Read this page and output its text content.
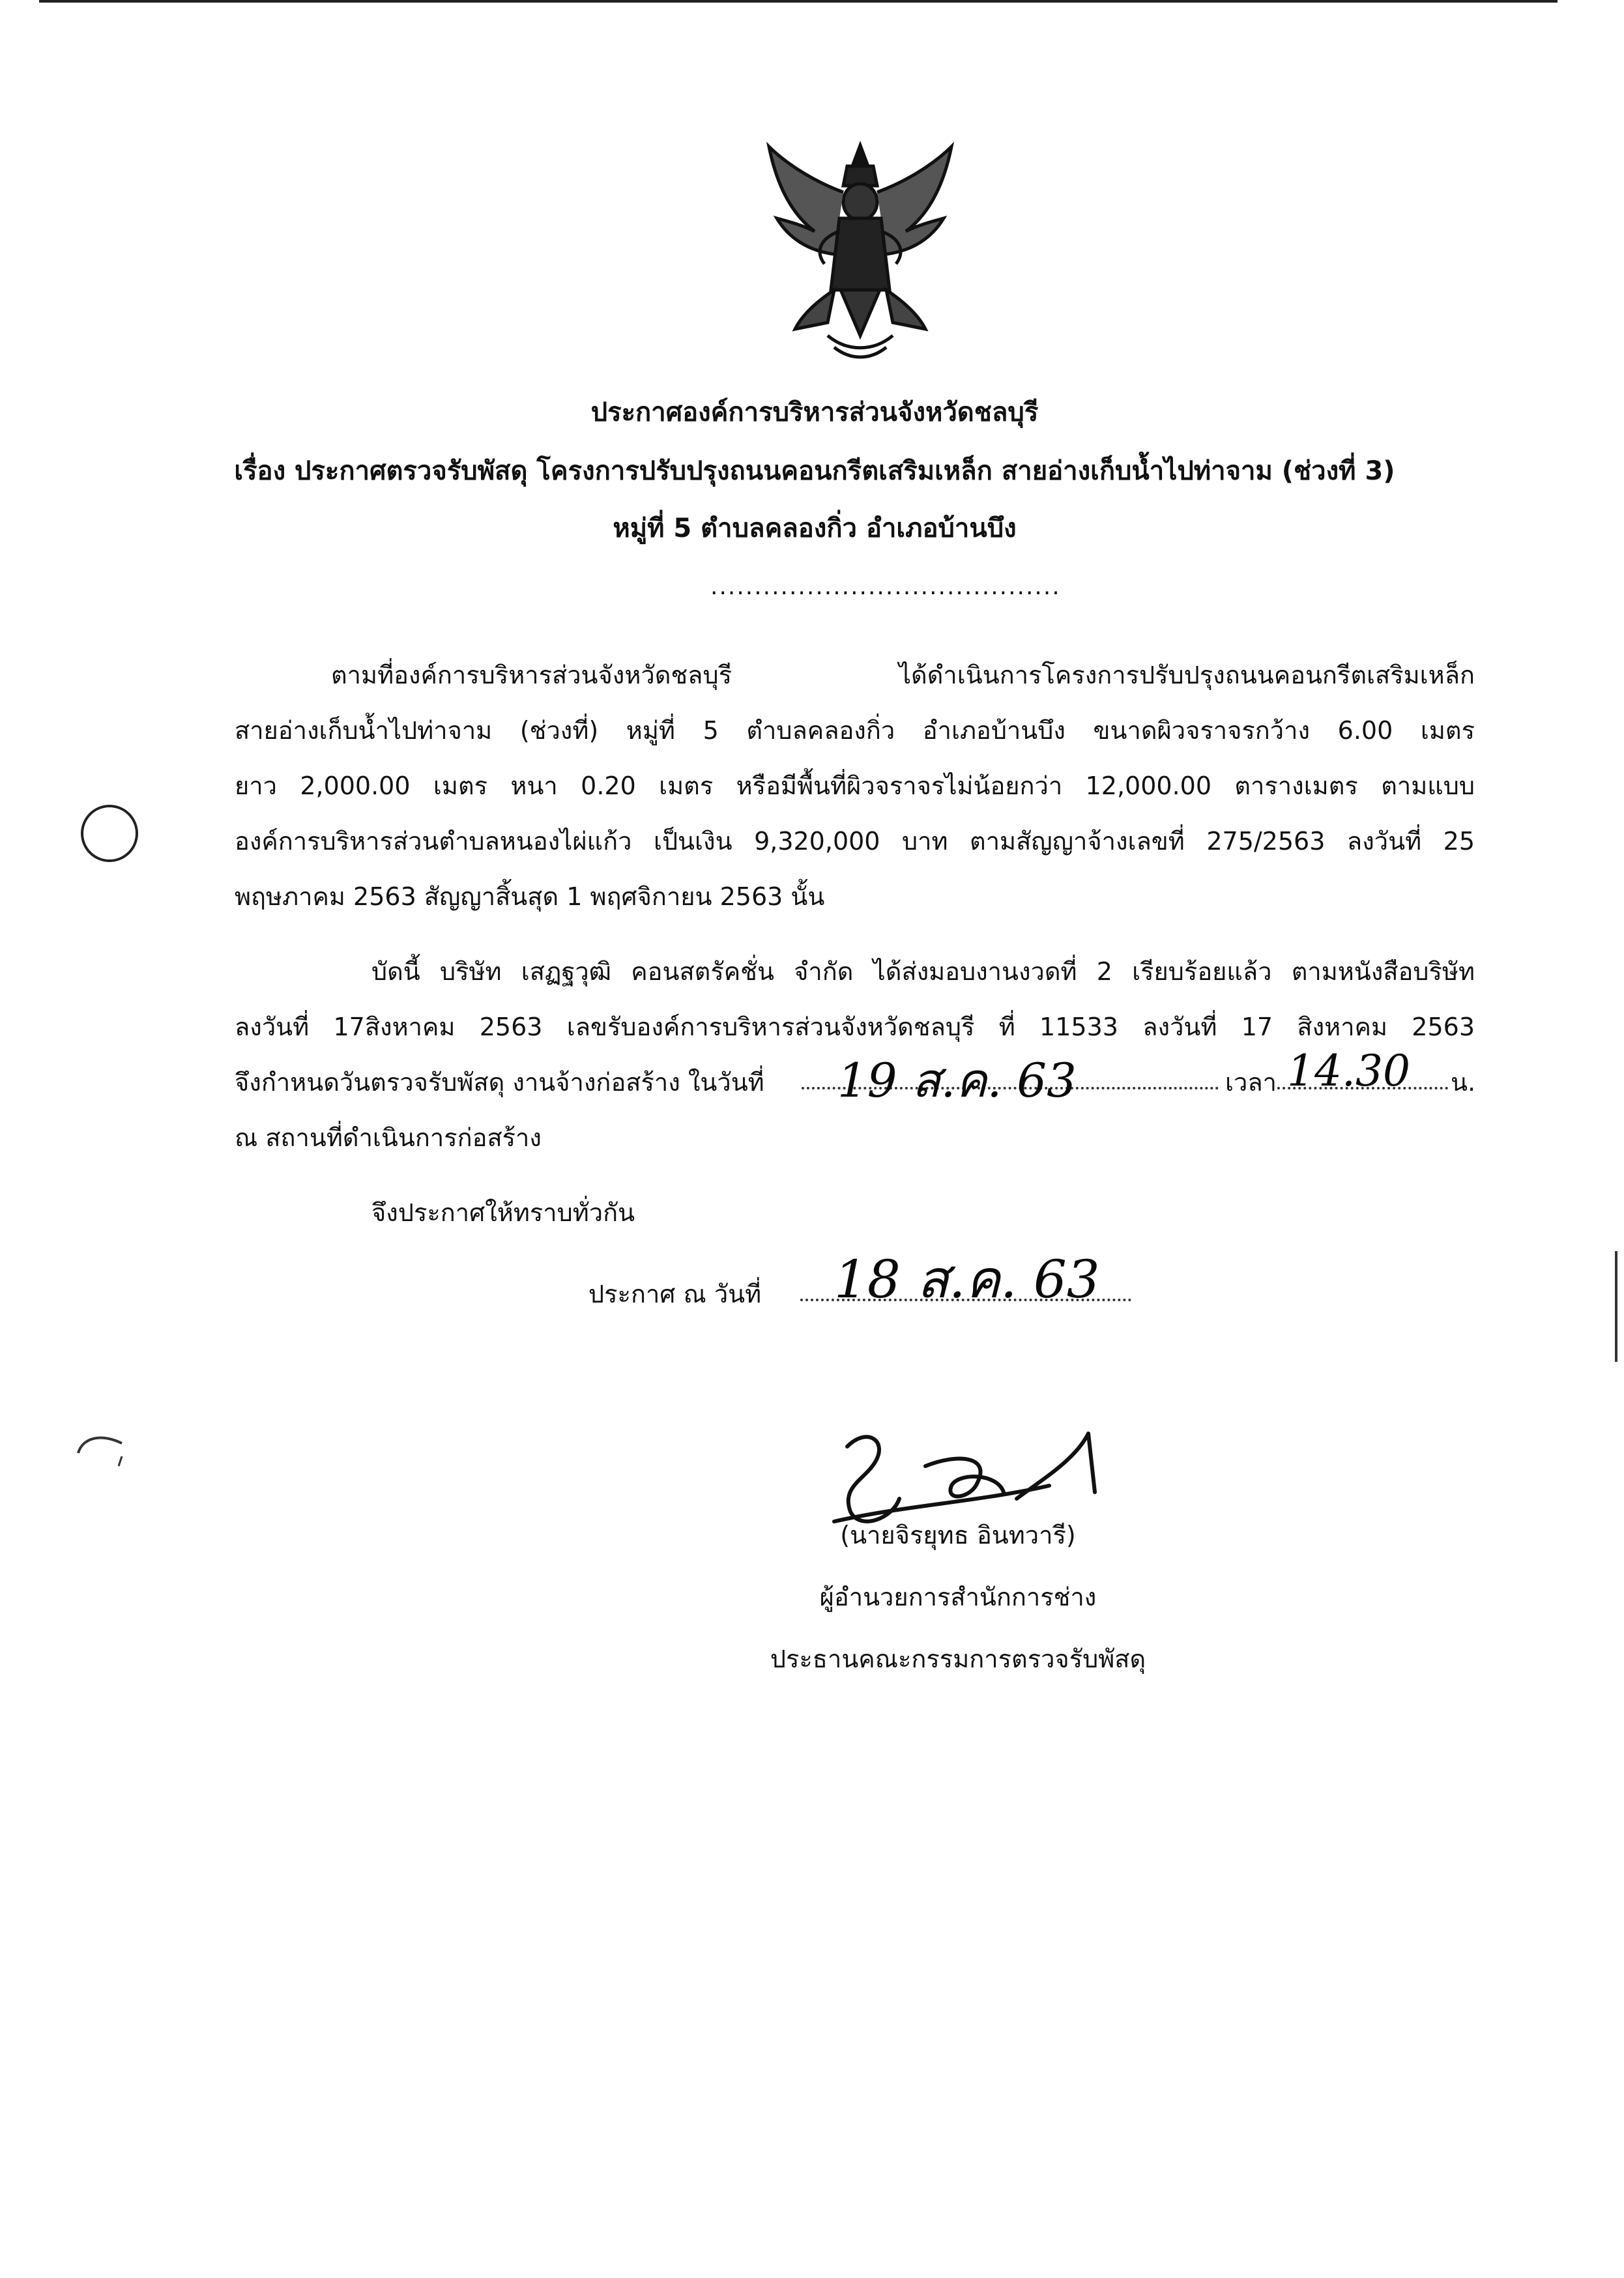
ประกาศองค์การบริหารส่วนจังหวัดชลบุรี
เรื่อง ประกาศตรวจรับพัสดุ โครงการปรับปรุงถนนคอนกรีตเสริมเหล็ก สายอ่างเก็บน้ำไปท่าจาม (ช่วงที่ 3)
หมู่ที่ 5 ตำบลคลองกิ่ว อำเภอบ้านบึง
........................................
ตามที่องค์การบริหารส่วนจังหวัดชลบุรี ได้ดำเนินการโครงการปรับปรุงถนนคอนกรีตเสริมเหล็ก
สายอ่างเก็บน้ำไปท่าจาม (ช่วงที่) หมู่ที่ 5 ตำบลคลองกิ่ว อำเภอบ้านบึง ขนาดผิวจราจรกว้าง 6.00 เมตร
ยาว 2,000.00 เมตร หนา 0.20 เมตร หรือมีพื้นที่ผิวจราจรไม่น้อยกว่า 12,000.00 ตารางเมตร ตามแบบ
องค์การบริหารส่วนตำบลหนองไผ่แก้ว เป็นเงิน 9,320,000 บาท ตามสัญญาจ้างเลขที่ 275/2563 ลงวันที่ 25
พฤษภาคม 2563 สัญญาสิ้นสุด 1 พฤศจิกายน 2563 นั้น
บัดนี้ บริษัท เสฏฐวุฒิ คอนสตรัคชั่น จำกัด ได้ส่งมอบงานงวดที่ 2 เรียบร้อยแล้ว ตามหนังสือบริษัท
ลงวันที่ 17สิงหาคม 2563 เลขรับองค์การบริหารส่วนจังหวัดชลบุรี ที่ 11533 ลงวันที่ 17 สิงหาคม 2563
จึงกำหนดวันตรวจรับพัสดุ งานจ้างก่อสร้าง ในวันที่ 19 ส.ค. 63	เวลา 14.30 น.
ณ สถานที่ดำเนินการก่อสร้าง
จึงประกาศให้ทราบทั่วกัน
ประกาศ ณ วันที่ 18 ส.ค. 63
(นายจิรยุทธ อินทวารี)
ผู้อำนวยการสำนักการช่าง
ประธานคณะกรรมการตรวจรับพัสดุ
